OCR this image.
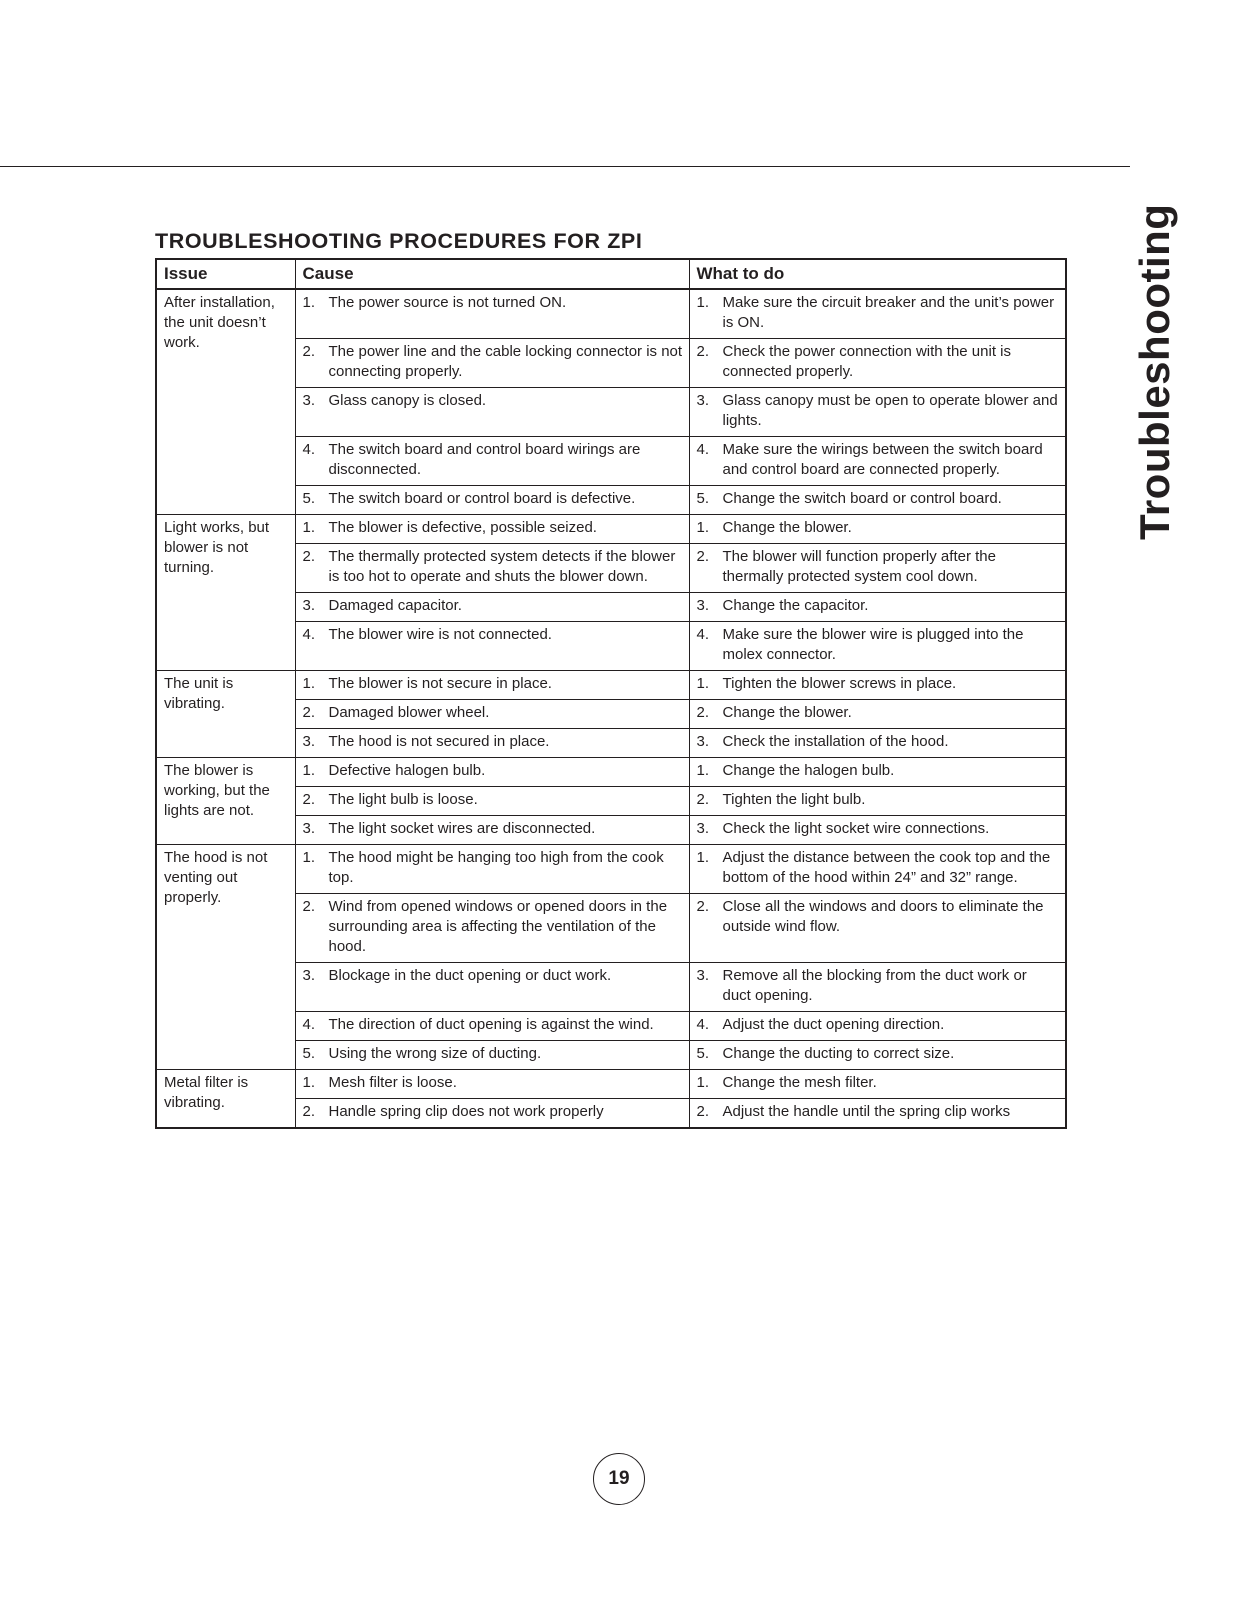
Troubleshooting
TROUBLESHOOTING PROCEDURES FOR ZPI
Issue	Cause	What to do
After installation, the unit doesn’t work.	1. The power source is not turned ON.	1. Make sure the circuit breaker and the unit’s power is ON.

	2. The power line and the cable locking connector is not connecting properly.	2. Check the power connection with the unit is connected properly.

	3. Glass canopy is closed.	3. Glass canopy must be open to operate blower and lights.

	4. The switch board and control board wirings are disconnected.	4. Make sure the wirings between the switch board and control board are connected properly.

	5. The switch board or control board is defective.	5. Change the switch board or control board.

Light works, but blower is not turning.	1. The blower is defective, possible seized.	1. Change the blower.

	2. The thermally protected system detects if the blower is too hot to operate and shuts the blower down.	2. The blower will function properly after the thermally protected system cool down.

	3. Damaged capacitor.	3. Change the capacitor.

	4. The blower wire is not connected.	4. Make sure the blower wire is plugged into the molex connector.

The unit is vibrating.	1. The blower is not secure in place.	1. Tighten the blower screws in place.

	2. Damaged blower wheel.	2. Change the blower.

	3. The hood is not secured in place.	3. Check the installation of the hood.

The blower is working, but the lights are not.	1. Defective halogen bulb.	1. Change the halogen bulb.

	2. The light bulb is loose.	2. Tighten the light bulb.

	3. The light socket wires are disconnected.	3. Check the light socket wire connections.

The hood is not venting out properly.	1. The hood might be hanging too high from the cook top.	1. Adjust the distance between the cook top and the bottom of the hood within 24” and 32” range.

	2. Wind from opened windows or opened doors in the surrounding area is affecting the ventilation of the hood.	2. Close all the windows and doors to eliminate the outside wind flow.

	3. Blockage in the duct opening or duct work.	3. Remove all the blocking from the duct work or duct opening.

	4. The direction of duct opening is against the wind.	4. Adjust the duct opening direction.

	5. Using the wrong size of ducting.	5. Change the ducting to correct size.

Metal filter is vibrating.	1. Mesh filter is loose.	1. Change the mesh filter.

	2. Handle spring clip does not work properly	2. Adjust the handle until the spring clip works
19
